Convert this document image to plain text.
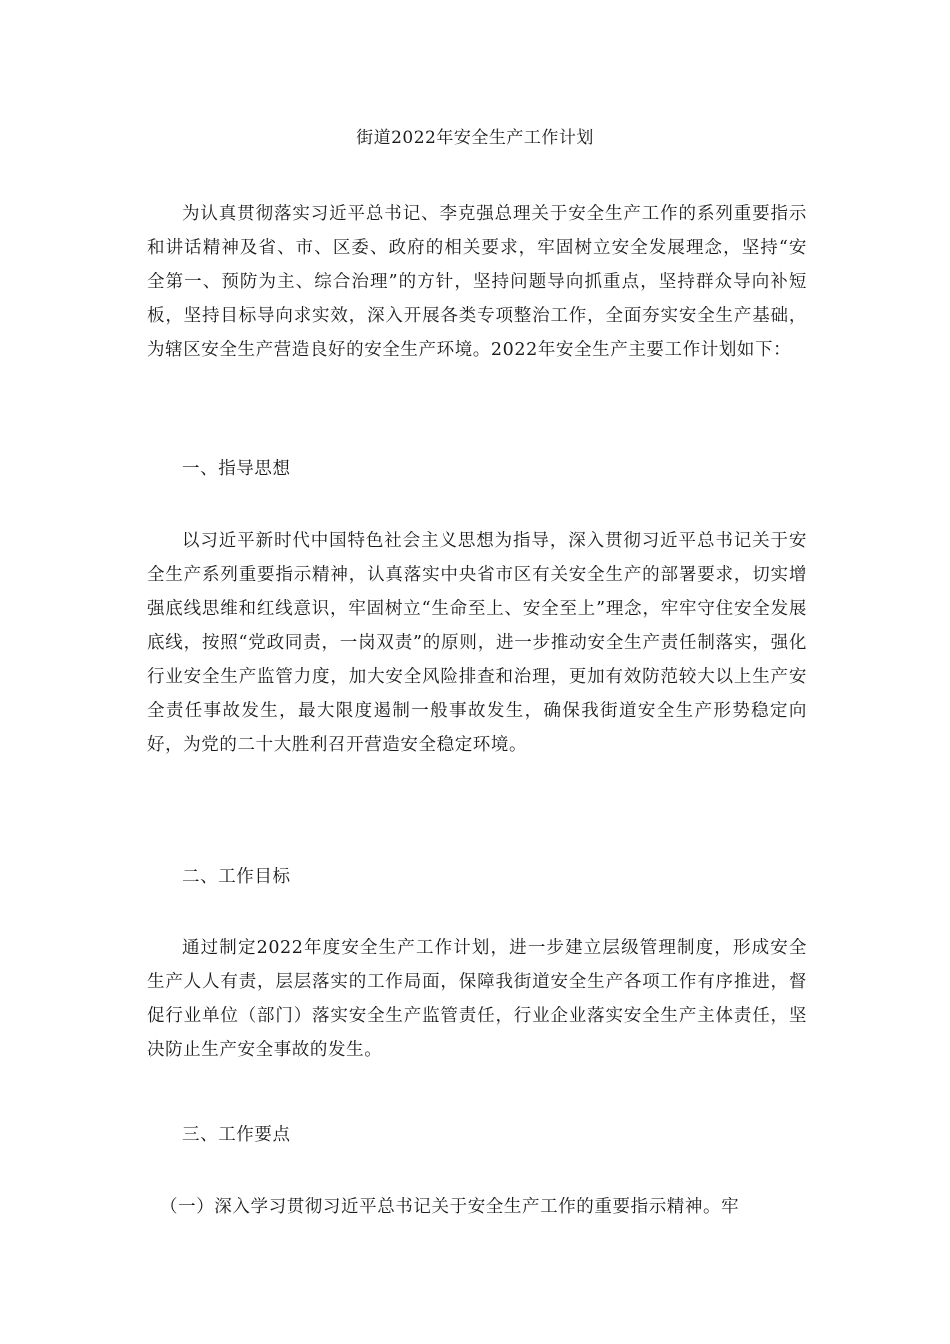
街道2022年安全生产工作计划

为认真贯彻落实习近平总书记、李克强总理关于安全生产工作的系列重要指示和讲话精神及省、市、区委、政府的相关要求，牢固树立安全发展理念，坚持“安全第一、预防为主、综合治理”的方针，坚持问题导向抓重点，坚持群众导向补短板，坚持目标导向求实效，深入开展各类专项整治工作，全面夯实安全生产基础，为辖区安全生产营造良好的安全生产环境。2022年安全生产主要工作计划如下：

一、指导思想

以习近平新时代中国特色社会主义思想为指导，深入贯彻习近平总书记关于安全生产系列重要指示精神，认真落实中央省市区有关安全生产的部署要求，切实增强底线思维和红线意识，牢固树立“生命至上、安全至上”理念，牢牢守住安全发展底线，按照“党政同责，一岗双责”的原则，进一步推动安全生产责任制落实，强化行业安全生产监管力度，加大安全风险排查和治理，更加有效防范较大以上生产安全责任事故发生，最大限度遏制一般事故发生，确保我街道安全生产形势稳定向好，为党的二十大胜利召开营造安全稳定环境。

二、工作目标

通过制定2022年度安全生产工作计划，进一步建立层级管理制度，形成安全生产人人有责，层层落实的工作局面，保障我街道安全生产各项工作有序推进，督促行业单位（部门）落实安全生产监管责任，行业企业落实安全生产主体责任，坚决防止生产安全事故的发生。

三、工作要点
（一）深入学习贯彻习近平总书记关于安全生产工作的重要指示精神。牢
